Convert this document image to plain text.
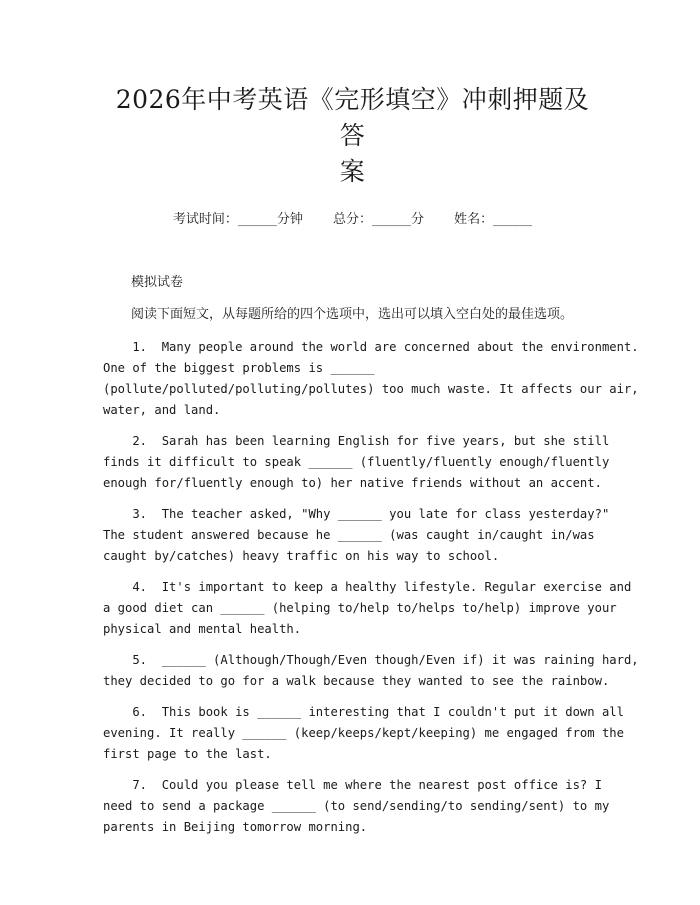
2026年中考英语《完形填空》冲刺押题及答
案
考试时间：______分钟 总分：______分 姓名：______
模拟试卷
阅读下面短文，从每题所给的四个选项中，选出可以填入空白处的最佳选项。

1.  Many people around the world are concerned about the environment.
One of the biggest problems is ______
(pollute/polluted/polluting/pollutes) too much waste. It affects our air,
water, and land.

2.  Sarah has been learning English for five years, but she still
finds it difficult to speak ______ (fluently/fluently enough/fluently
enough for/fluently enough to) her native friends without an accent.

3.  The teacher asked, "Why ______ you late for class yesterday?"
The student answered because he ______ (was caught in/caught in/was
caught by/catches) heavy traffic on his way to school.

4.  It's important to keep a healthy lifestyle. Regular exercise and
a good diet can ______ (helping to/help to/helps to/help) improve your
physical and mental health.

5.  ______ (Although/Though/Even though/Even if) it was raining hard,
they decided to go for a walk because they wanted to see the rainbow.

6.  This book is ______ interesting that I couldn't put it down all
evening. It really ______ (keep/keeps/kept/keeping) me engaged from the
first page to the last.

7.  Could you please tell me where the nearest post office is? I
need to send a package ______ (to send/sending/to sending/sent) to my
parents in Beijing tomorrow morning.
